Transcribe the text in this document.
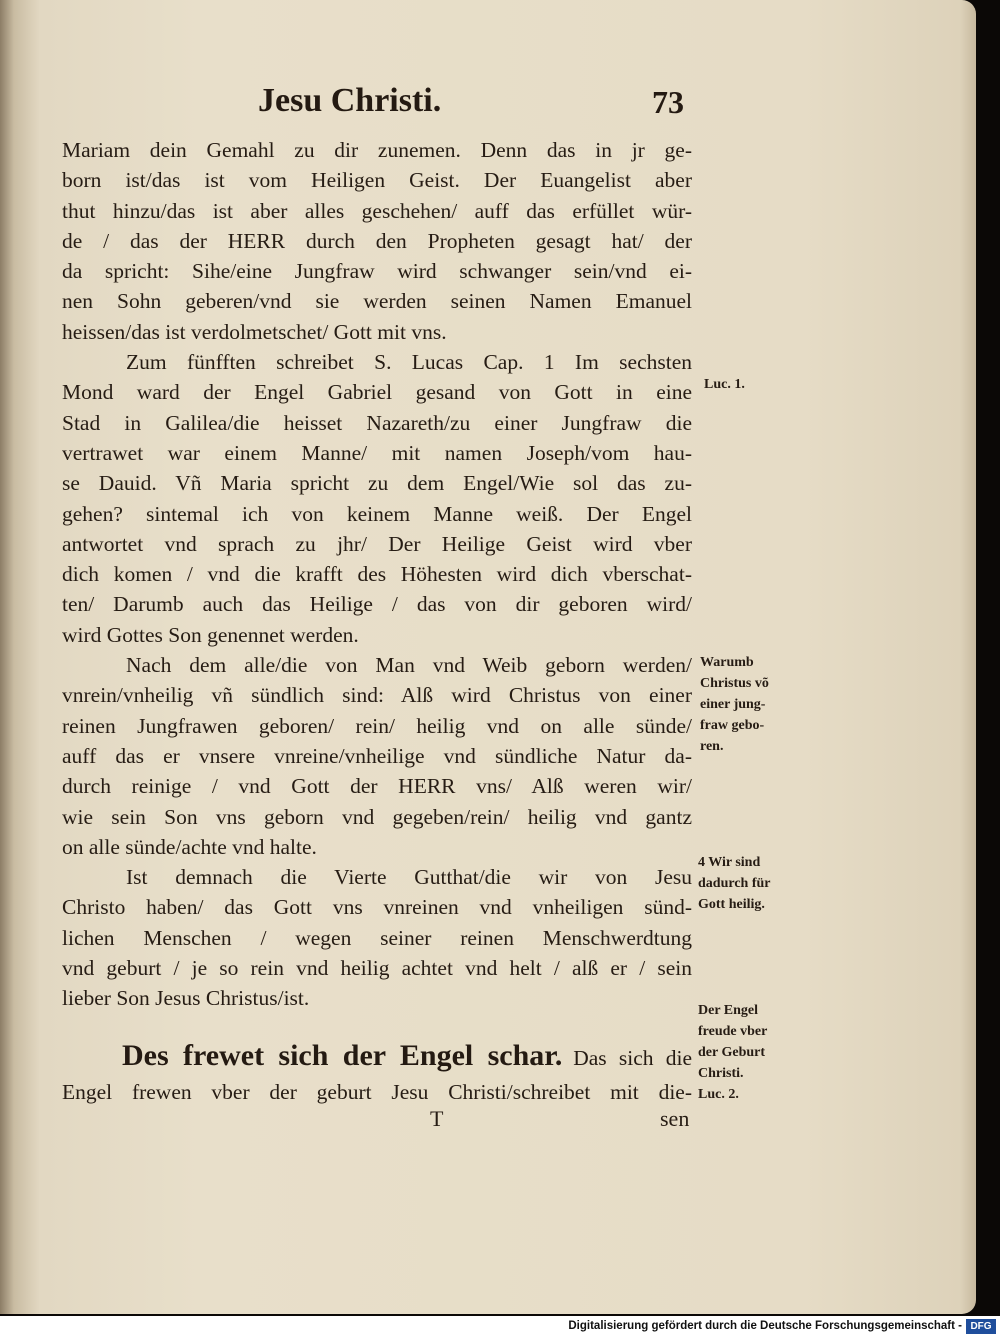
Jesu Christi.	73
Mariam dein Gemahl zu dir zunemen. Denn das in jr ge-
born ist/das ist vom Heiligen Geist. Der Euangelist aber
thut hinzu/das ist aber alles geschehen/ auff das erfüllet wür-
de / das der HERR durch den Propheten gesagt hat/ der
da spricht: Sihe/eine Jungfraw wird schwanger sein/vnd ei-
nen Sohn geberen/vnd sie werden seinen Namen Emanuel
heissen/das ist verdolmetschet/ Gott mit vns.
Zum fünfften schreibet S. Lucas Cap. 1 Im sechsten
Mond ward der Engel Gabriel gesand von Gott in eine
Stad in Galilea/die heisset Nazareth/zu einer Jungfraw die
vertrawet war einem Manne/ mit namen Joseph/vom hau-
se Dauid. Vñ Maria spricht zu dem Engel/Wie sol das zu-
gehen? sintemal ich von keinem Manne weiß. Der Engel
antwortet vnd sprach zu jhr/ Der Heilige Geist wird vber
dich komen / vnd die krafft des Höhesten wird dich vberschat-
ten/ Darumb auch das Heilige / das von dir geboren wird/
wird Gottes Son genennet werden.
Nach dem alle/die von Man vnd Weib geborn werden/
vnrein/vnheilig vñ sündlich sind: Alß wird Christus von einer
reinen Jungfrawen geboren/ rein/ heilig vnd on alle sünde/
auff das er vnsere vnreine/vnheilige vnd sündliche Natur da-
durch reinige / vnd Gott der HERR vns/ Alß weren wir/
wie sein Son vns geborn vnd gegeben/rein/ heilig vnd gantz
on alle sünde/achte vnd halte.
Ist demnach die Vierte Gutthat/die wir von Jesu
Christo haben/ das Gott vns vnreinen vnd vnheiligen sünd-
lichen Menschen / wegen seiner reinen Menschwerdtung
vnd geburt / je so rein vnd heilig achtet vnd helt / alß er / sein
lieber Son Jesus Christus/ist.
Des frewet sich der Engel schar. Das sich die
Engel frewen vber der geburt Jesu Christi/schreibet mit die-
T	sen
Luc. 1.
Warumb
Christus võ
einer jung-
fraw gebo-
ren.
4 Wir sind
dadurch für
Gott heilig.
Der Engel
freude vber
der Geburt
Christi.
Luc. 2.
Digitalisierung gefördert durch die Deutsche Forschungsgemeinschaft - DFG
